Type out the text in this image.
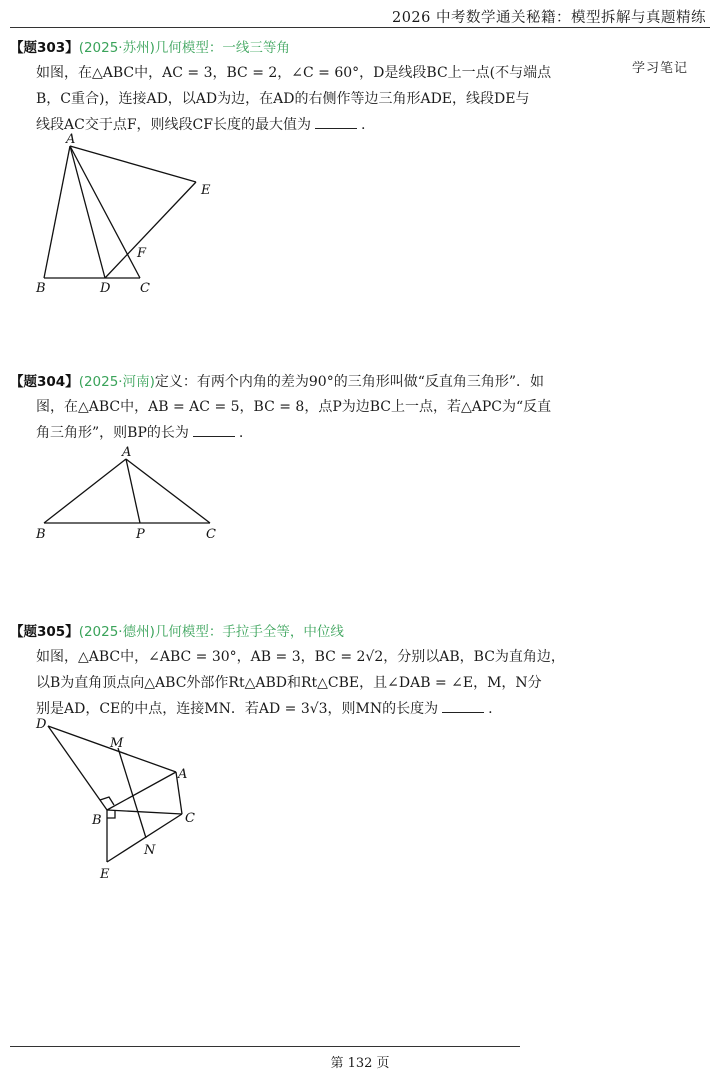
2026 中考数学通关秘籍：模型拆解与真题精练
学习笔记
【题303】(2025·苏州)几何模型：一线三等角
如图，在△ABC中，AC = 3，BC = 2，∠C = 60°，D是线段BC上一点(不与端点
B，C重合)，连接AD，以AD为边，在AD的右侧作等边三角形ADE，线段DE与
线段AC交于点F，则线段CF长度的最大值为	.
A
B	D C
E
F
【题304】(2025·河南)定义：有两个内角的差为90°的三角形叫做“反直角三角形”．如
图，在△ABC中，AB = AC = 5，BC = 8，点P为边BC上一点，若△APC为“反直
角三角形”，则BP的长为	.
A
B	P	C
【题305】(2025·德州)几何模型：手拉手全等，中位线
如图，△ABC中，∠ABC = 30°，AB = 3，BC = 2√2，分别以AB，BC为直角边，
以B为直角顶点向△ABC外部作Rt△ABD和Rt△CBE，且∠DAB = ∠E，M，N分
别是AD，CE的中点，连接MN．若AD = 3√3，则MN的长度为	.
D
M
A
B	C
N
E
第 132 页
